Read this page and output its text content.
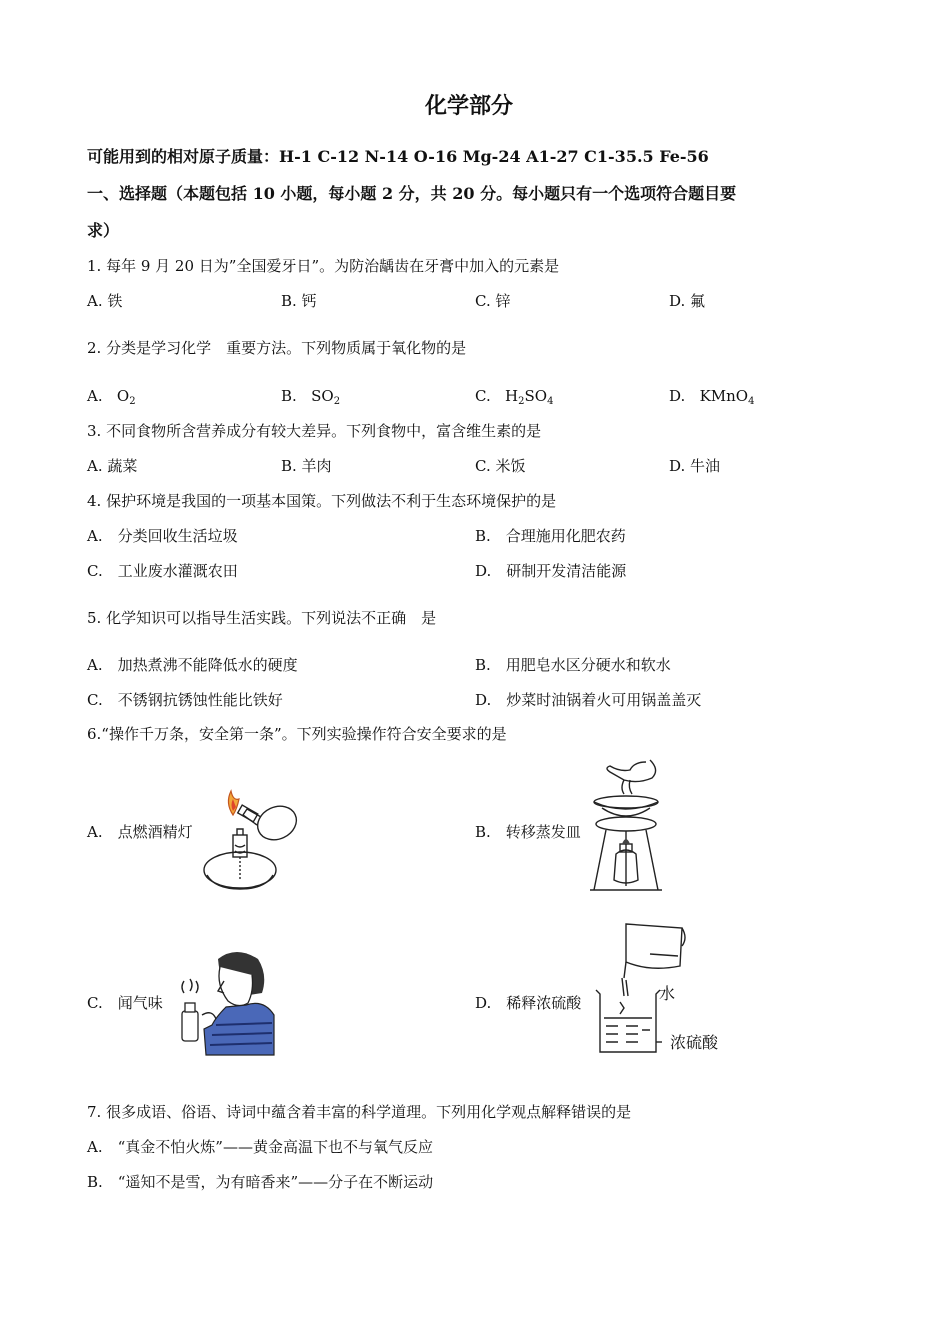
化学部分
可能用到的相对原子质量：H-1 C-12 N-14 O-16 Mg-24 A1-27 C1-35.5 Fe-56
一、选择题（本题包括 10 小题，每小题 2 分，共 20 分。每小题只有一个选项符合题目要
求）
1. 每年 9 月 20 日为”全国爱牙日”。为防治龋齿在牙膏中加入的元素是
A. 铁	B. 钙	C. 锌	D. 氟
2. 分类是学习化学　重要方法。下列物质属于氧化物的是
A. $O_2$	B. $SO_2$	C. $H_2SO_4$	D. KMnO$_4$
3. 不同食物所含营养成分有较大差异。下列食物中，富含维生素的是
A. 蔬菜	B. 羊肉	C. 米饭	D. 牛油
4. 保护环境是我国的一项基本国策。下列做法不利于生态环境保护的是
A.　分类回收生活垃圾	B.　合理施用化肥农药
C.　工业废水灌溉农田	D.　研制开发清洁能源
5. 化学知识可以指导生活实践。下列说法不正确　是
A.　加热煮沸不能降低水的硬度	B.　用肥皂水区分硬水和软水
C.　不锈钢抗锈蚀性能比铁好	D.　炒菜时油锅着火可用锅盖盖灭
6.“操作千万条，安全第一条”。下列实验操作符合安全要求的是
A.　点燃酒精灯	B.　转移蒸发皿
C.　闻气味	D.　稀释浓硫酸	水
浓硫酸
7. 很多成语、俗语、诗词中蕴含着丰富的科学道理。下列用化学观点解释错误的是
A.　“真金不怕火炼”——黄金高温下也不与氧气反应
B.　“遥知不是雪，为有暗香来”——分子在不断运动
